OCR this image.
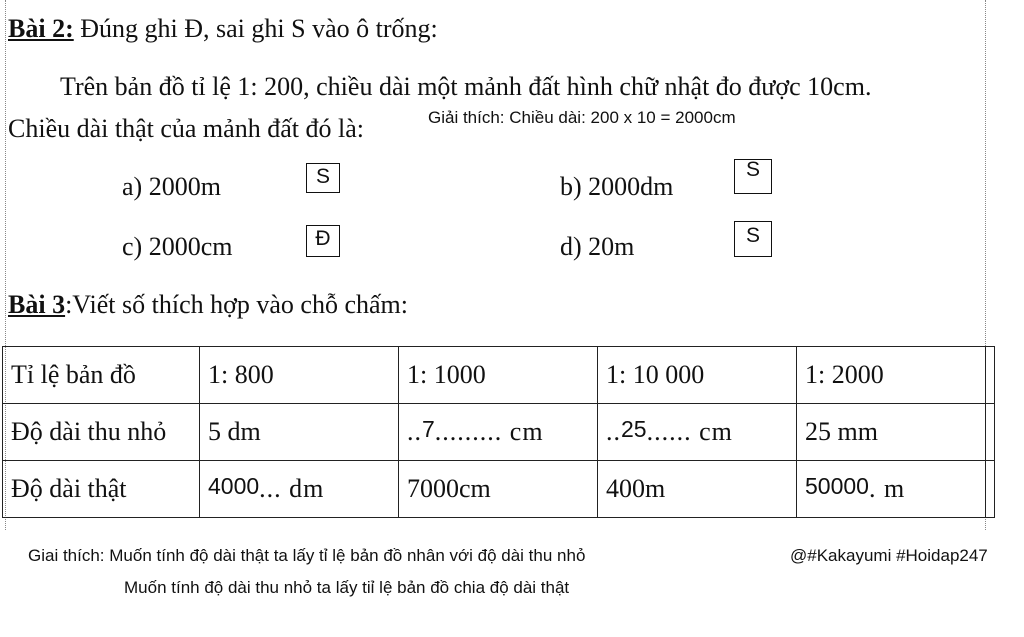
Bài 2: Đúng ghi Đ, sai ghi S vào ô trống:
Trên bản đồ tỉ lệ 1: 200, chiều dài một mảnh đất hình chữ nhật đo được 10cm.
Chiều dài thật của mảnh đất đó là:	Giải thích: Chiều dài: 200 x 10 = 2000cm
a) 2000m	S	b) 2000dm
S
c) 2000cm	Đ	d) 20m	S
Bài 3:Viết số thích hợp vào chỗ chấm:
Tỉ lệ bản đồ	1: 800	1: 1000	1: 10 000	1: 2000	
Độ dài thu nhỏ	5 dm	..7......... cm	..25...... cm	25 mm	
Độ dài thật	4000... dm	7000cm	400m	50000. m	
Giai thích: Muốn tính độ dài thật ta lấy tỉ lệ bản đồ nhân với độ dài thu nhỏ	@#Kakayumi #Hoidap247
Muốn tính độ dài thu nhỏ ta lấy tiỉ lệ bản đồ chia độ dài thật
